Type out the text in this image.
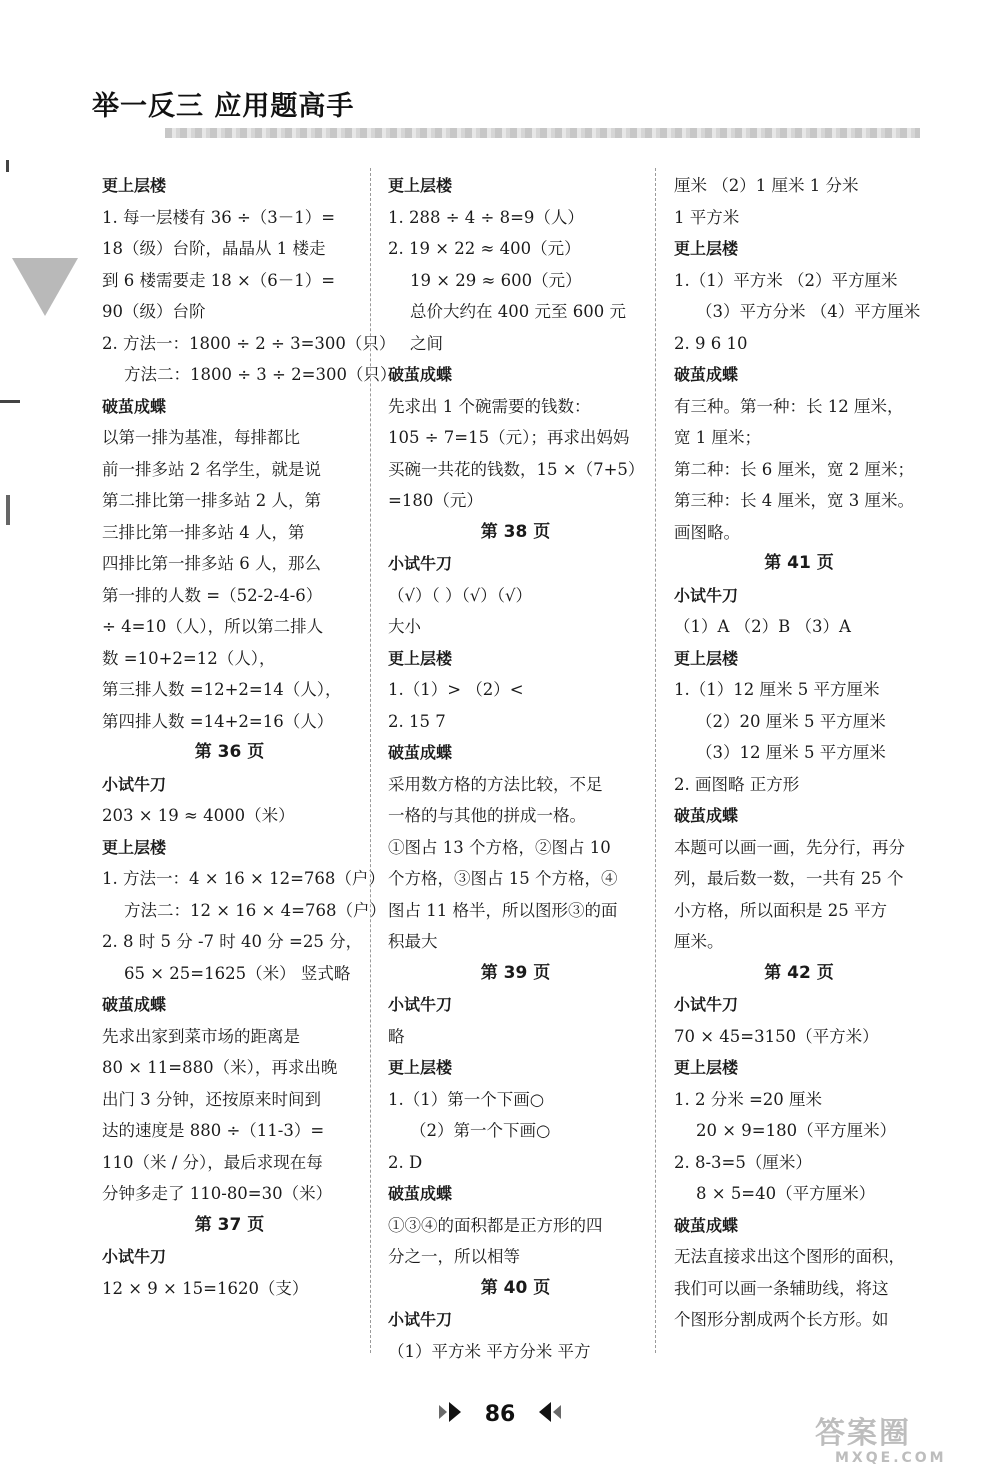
举一反三 应用题高手
更上层楼
1. 每一层楼有 36 ÷（3－1）=
18（级）台阶，晶晶从 1 楼走
到 6 楼需要走 18 ×（6－1）=
90（级）台阶
2. 方法一：1800 ÷ 2 ÷ 3=300（只）
方法二：1800 ÷ 3 ÷ 2=300（只）
破茧成蝶
以第一排为基准，每排都比
前一排多站 2 名学生，就是说
第二排比第一排多站 2 人，第
三排比第一排多站 4 人，第
四排比第一排多站 6 人，那么
第一排的人数 =（52-2-4-6）
÷ 4=10（人），所以第二排人
数 =10+2=12（人），
第三排人数 =12+2=14（人），
第四排人数 =14+2=16（人）
第 36 页
小试牛刀
203 × 19 ≈ 4000（米）
更上层楼
1. 方法一：4 × 16 × 12=768（户）
方法二：12 × 16 × 4=768（户）
2. 8 时 5 分 -7 时 40 分 =25 分，
65 × 25=1625（米） 竖式略
破茧成蝶
先求出家到菜市场的距离是
80 × 11=880（米），再求出晚
出门 3 分钟，还按原来时间到
达的速度是 880 ÷（11-3）=
110（米 / 分），最后求现在每
分钟多走了 110-80=30（米）
第 37 页
小试牛刀
12 × 9 × 15=1620（支）
更上层楼
1. 288 ÷ 4 ÷ 8=9（人）
2. 19 × 22 ≈ 400（元）
19 × 29 ≈ 600（元）
总价大约在 400 元至 600 元
之间
破茧成蝶
先求出 1 个碗需要的钱数：
105 ÷ 7=15（元）；再求出妈妈
买碗一共花的钱数，15 ×（7+5）
=180（元）
第 38 页
小试牛刀
（√）（ ）（√）（√）
大小
更上层楼
1.（1）> （2）<
2. 15 7
破茧成蝶
采用数方格的方法比较，不足
一格的与其他的拼成一格。
①图占 13 个方格，②图占 10
个方格，③图占 15 个方格，④
图占 11 格半，所以图形③的面
积最大
第 39 页
小试牛刀
略
更上层楼
1.（1）第一个下画○
（2）第一个下画○
2. D
破茧成蝶
①③④的面积都是正方形的四
分之一，所以相等
第 40 页
小试牛刀
（1）平方米 平方分米 平方
厘米 （2）1 厘米 1 分米
1 平方米
更上层楼
1.（1）平方米 （2）平方厘米
（3）平方分米 （4）平方厘米
2. 9 6 10
破茧成蝶
有三种。第一种：长 12 厘米，
宽 1 厘米；
第二种：长 6 厘米，宽 2 厘米；
第三种：长 4 厘米，宽 3 厘米。
画图略。
第 41 页
小试牛刀
（1）A （2）B （3）A
更上层楼
1.（1）12 厘米 5 平方厘米
（2）20 厘米 5 平方厘米
（3）12 厘米 5 平方厘米
2. 画图略 正方形
破茧成蝶
本题可以画一画，先分行，再分
列，最后数一数，一共有 25 个
小方格，所以面积是 25 平方
厘米。
第 42 页
小试牛刀
70 × 45=3150（平方米）
更上层楼
1. 2 分米 =20 厘米
20 × 9=180（平方厘米）
2. 8-3=5（厘米）
8 × 5=40（平方厘米）
破茧成蝶
无法直接求出这个图形的面积，
我们可以画一条辅助线，将这
个图形分割成两个长方形。如
86
答案圈
MXQE.COM
